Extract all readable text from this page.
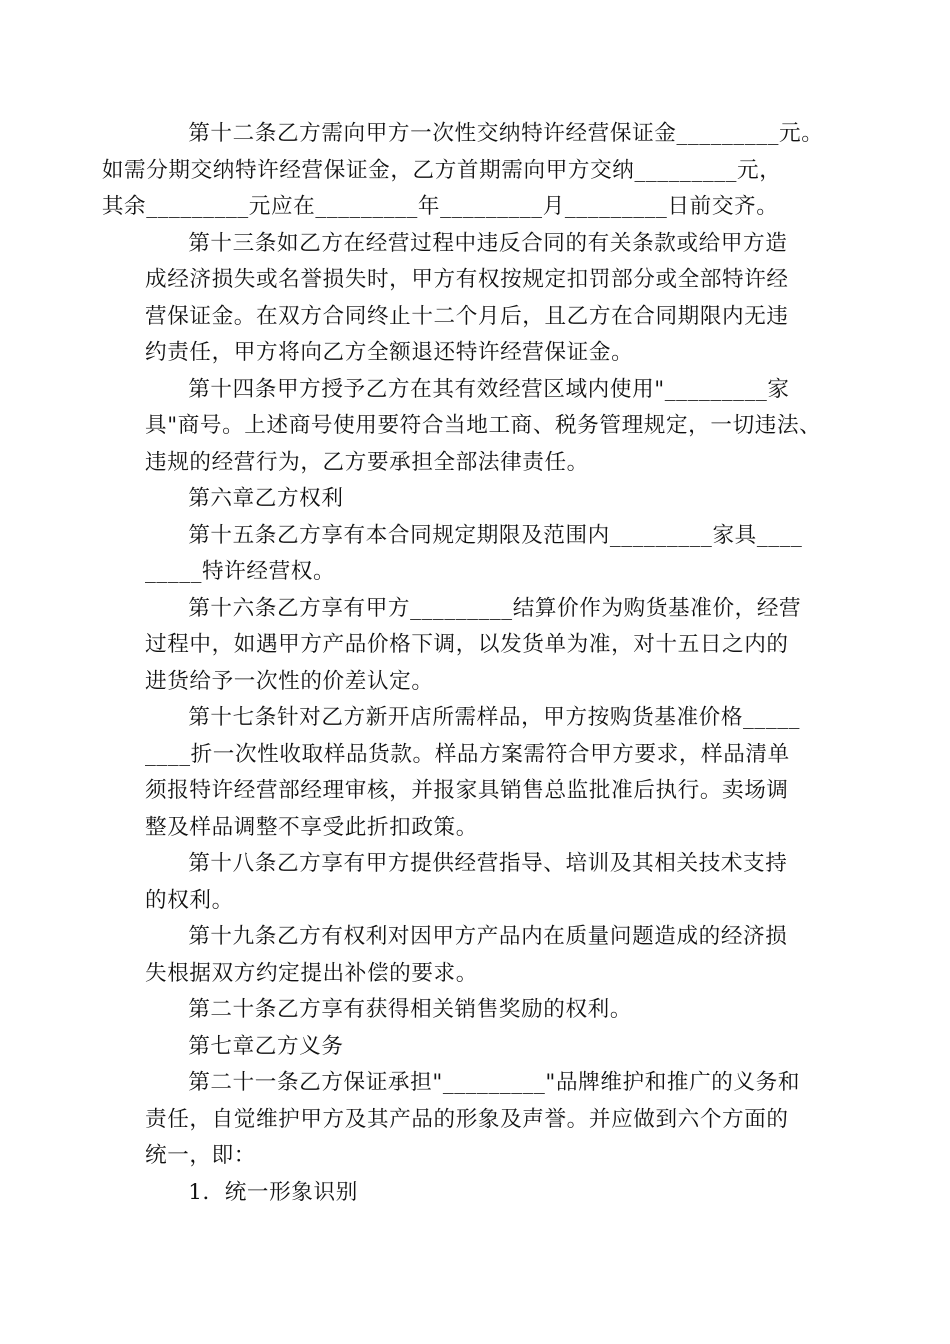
第十二条乙方需向甲方一次性交纳特许经营保证金_________元。
如需分期交纳特许经营保证金，乙方首期需向甲方交纳_________元，
其余_________元应在_________年_________月_________日前交齐。

第十三条如乙方在经营过程中违反合同的有关条款或给甲方造
成经济损失或名誉损失时，甲方有权按规定扣罚部分或全部特许经
营保证金。在双方合同终止十二个月后，且乙方在合同期限内无违
约责任，甲方将向乙方全额退还特许经营保证金。

第十四条甲方授予乙方在其有效经营区域内使用"_________家
具"商号。上述商号使用要符合当地工商、税务管理规定，一切违法、
违规的经营行为，乙方要承担全部法律责任。

第六章乙方权利

第十五条乙方享有本合同规定期限及范围内_________家具____
_____特许经营权。

第十六条乙方享有甲方_________结算价作为购货基准价，经营
过程中，如遇甲方产品价格下调，以发货单为准，对十五日之内的
进货给予一次性的价差认定。

第十七条针对乙方新开店所需样品，甲方按购货基准价格_____
____折一次性收取样品货款。样品方案需符合甲方要求，样品清单
须报特许经营部经理审核，并报家具销售总监批准后执行。卖场调
整及样品调整不享受此折扣政策。

第十八条乙方享有甲方提供经营指导、培训及其相关技术支持
的权利。

第十九条乙方有权利对因甲方产品内在质量问题造成的经济损
失根据双方约定提出补偿的要求。

第二十条乙方享有获得相关销售奖励的权利。

第七章乙方义务

第二十一条乙方保证承担"_________"品牌维护和推广的义务和
责任，自觉维护甲方及其产品的形象及声誉。并应做到六个方面的
统一，即：

1．统一形象识别
